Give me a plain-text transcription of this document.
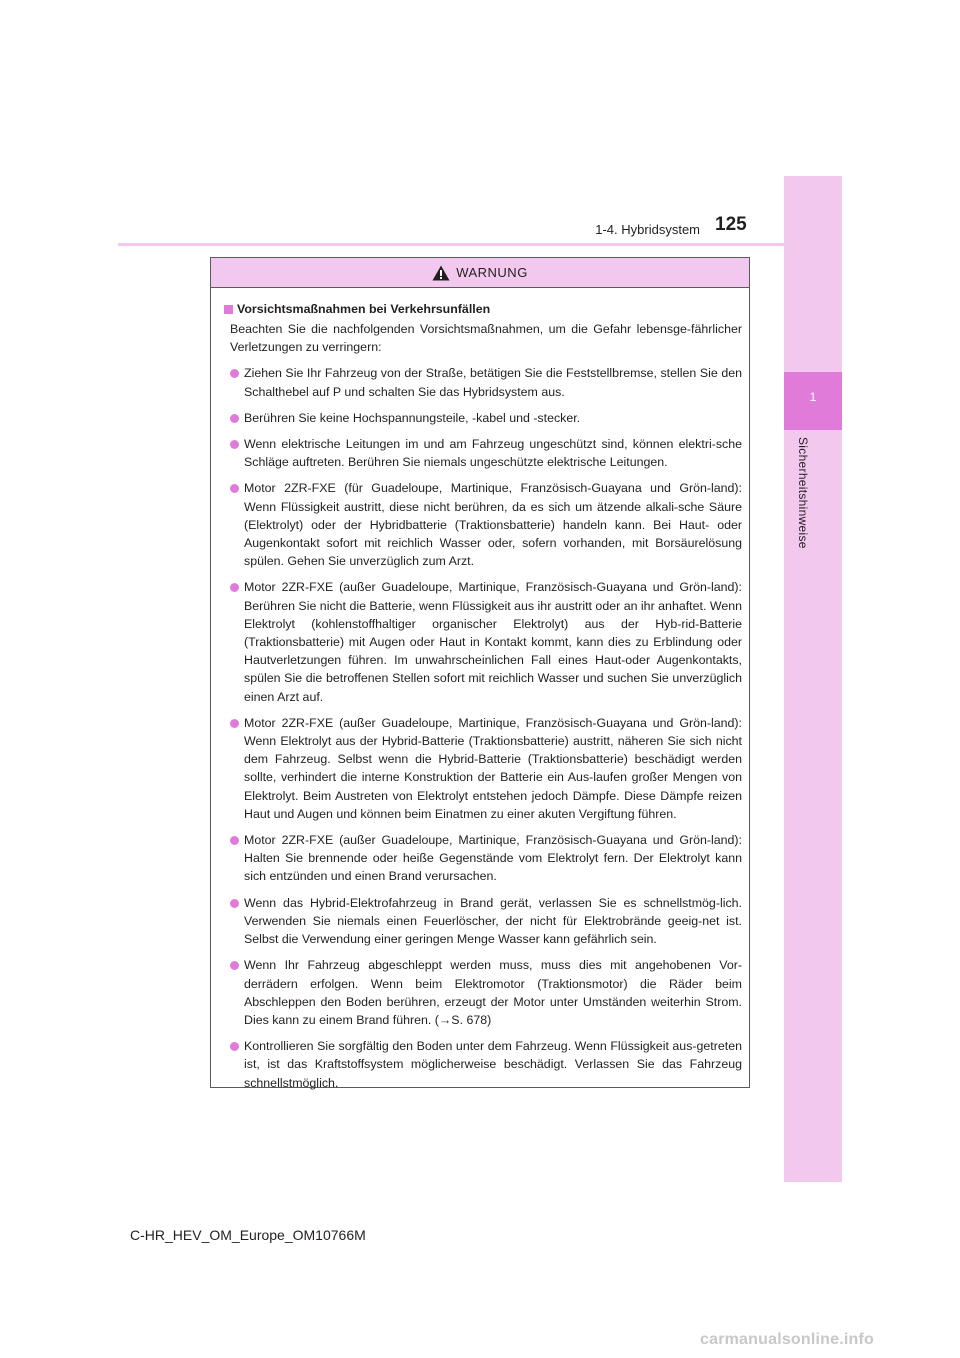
1
Sicherheitshinweise
1-4. Hybridsystem 125
WARNUNG
Vorsichtsmaßnahmen bei Verkehrsunfällen

Beachten Sie die nachfolgenden Vorsichtsmaßnahmen, um die Gefahr lebensge-fährlicher Verletzungen zu verringern:

Ziehen Sie Ihr Fahrzeug von der Straße, betätigen Sie die Feststellbremse, stellen Sie den Schalthebel auf P und schalten Sie das Hybridsystem aus.
Berühren Sie keine Hochspannungsteile, -kabel und -stecker.
Wenn elektrische Leitungen im und am Fahrzeug ungeschützt sind, können elektri-sche Schläge auftreten. Berühren Sie niemals ungeschützte elektrische Leitungen.
Motor 2ZR-FXE (für Guadeloupe, Martinique, Französisch-Guayana und Grön-land): Wenn Flüssigkeit austritt, diese nicht berühren, da es sich um ätzende alkali-sche Säure (Elektrolyt) oder der Hybridbatterie (Traktionsbatterie) handeln kann. Bei Haut- oder Augenkontakt sofort mit reichlich Wasser oder, sofern vorhanden, mit Borsäurelösung spülen. Gehen Sie unverzüglich zum Arzt.
Motor 2ZR-FXE (außer Guadeloupe, Martinique, Französisch-Guayana und Grön-land): Berühren Sie nicht die Batterie, wenn Flüssigkeit aus ihr austritt oder an ihr anhaftet. Wenn Elektrolyt (kohlenstoffhaltiger organischer Elektrolyt) aus der Hyb-rid-Batterie (Traktionsbatterie) mit Augen oder Haut in Kontakt kommt, kann dies zu Erblindung oder Hautverletzungen führen. Im unwahrscheinlichen Fall eines Haut-oder Augenkontakts, spülen Sie die betroffenen Stellen sofort mit reichlich Wasser und suchen Sie unverzüglich einen Arzt auf.
Motor 2ZR-FXE (außer Guadeloupe, Martinique, Französisch-Guayana und Grön-land): Wenn Elektrolyt aus der Hybrid-Batterie (Traktionsbatterie) austritt, näheren Sie sich nicht dem Fahrzeug. Selbst wenn die Hybrid-Batterie (Traktionsbatterie) beschädigt werden sollte, verhindert die interne Konstruktion der Batterie ein Aus-laufen großer Mengen von Elektrolyt. Beim Austreten von Elektrolyt entstehen jedoch Dämpfe. Diese Dämpfe reizen Haut und Augen und können beim Einatmen zu einer akuten Vergiftung führen.
Motor 2ZR-FXE (außer Guadeloupe, Martinique, Französisch-Guayana und Grön-land): Halten Sie brennende oder heiße Gegenstände vom Elektrolyt fern. Der Elektrolyt kann sich entzünden und einen Brand verursachen.
Wenn das Hybrid-Elektrofahrzeug in Brand gerät, verlassen Sie es schnellstmög-lich. Verwenden Sie niemals einen Feuerlöscher, der nicht für Elektrobrände geeig-net ist. Selbst die Verwendung einer geringen Menge Wasser kann gefährlich sein.
Wenn Ihr Fahrzeug abgeschleppt werden muss, muss dies mit angehobenen Vor-derrädern erfolgen. Wenn beim Elektromotor (Traktionsmotor) die Räder beim Abschleppen den Boden berühren, erzeugt der Motor unter Umständen weiterhin Strom. Dies kann zu einem Brand führen. (→S. 678)
Kontrollieren Sie sorgfältig den Boden unter dem Fahrzeug. Wenn Flüssigkeit aus-getreten ist, ist das Kraftstoffsystem möglicherweise beschädigt. Verlassen Sie das Fahrzeug schnellstmöglich.
C-HR_HEV_OM_Europe_OM10766M
carmanualsonline.info
